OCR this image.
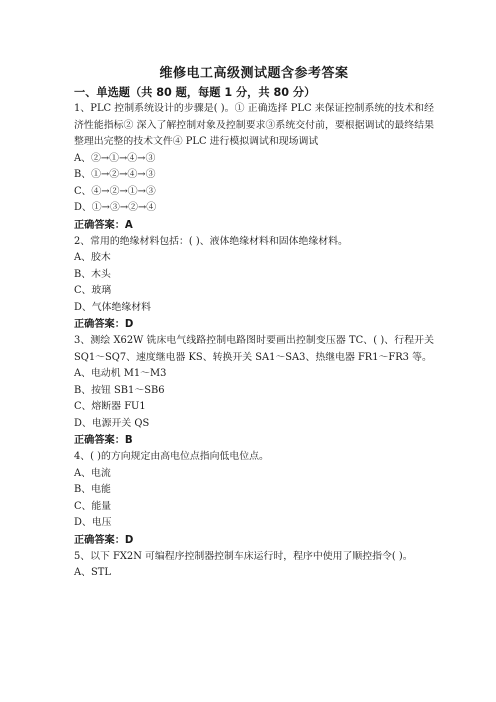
维修电工高级测试题含参考答案
一、单选题（共 80 题，每题 1 分，共 80 分）

1、PLC 控制系统设计的步骤是( )。① 正确选择 PLC 来保证控制系统的技术和经济性能指标② 深入了解控制对象及控制要求③系统交付前，要根据调试的最终结果整理出完整的技术文件④ PLC 进行模拟调试和现场调试

A、②→①→④→③

B、①→②→④→③

C、④→②→①→③

D、①→③→②→④

正确答案：A

2、常用的绝缘材料包括：( )、液体绝缘材料和固体绝缘材料。

A、胶木

B、木头

C、玻璃

D、气体绝缘材料

正确答案：D

3、测绘 X62W 铣床电气线路控制电路图时要画出控制变压器 TC、( )、行程开关 SQ1～SQ7、速度继电器 KS、转换开关 SA1～SA3、热继电器 FR1～FR3 等。

A、电动机 M1～M3

B、按钮 SB1～SB6

C、熔断器 FU1

D、电源开关 QS

正确答案：B

4、( )的方向规定由高电位点指向低电位点。

A、电流

B、电能

C、能量

D、电压

正确答案：D

5、以下 FX2N 可编程序控制器控制车床运行时，程序中使用了顺控指令( )。

A、STL
